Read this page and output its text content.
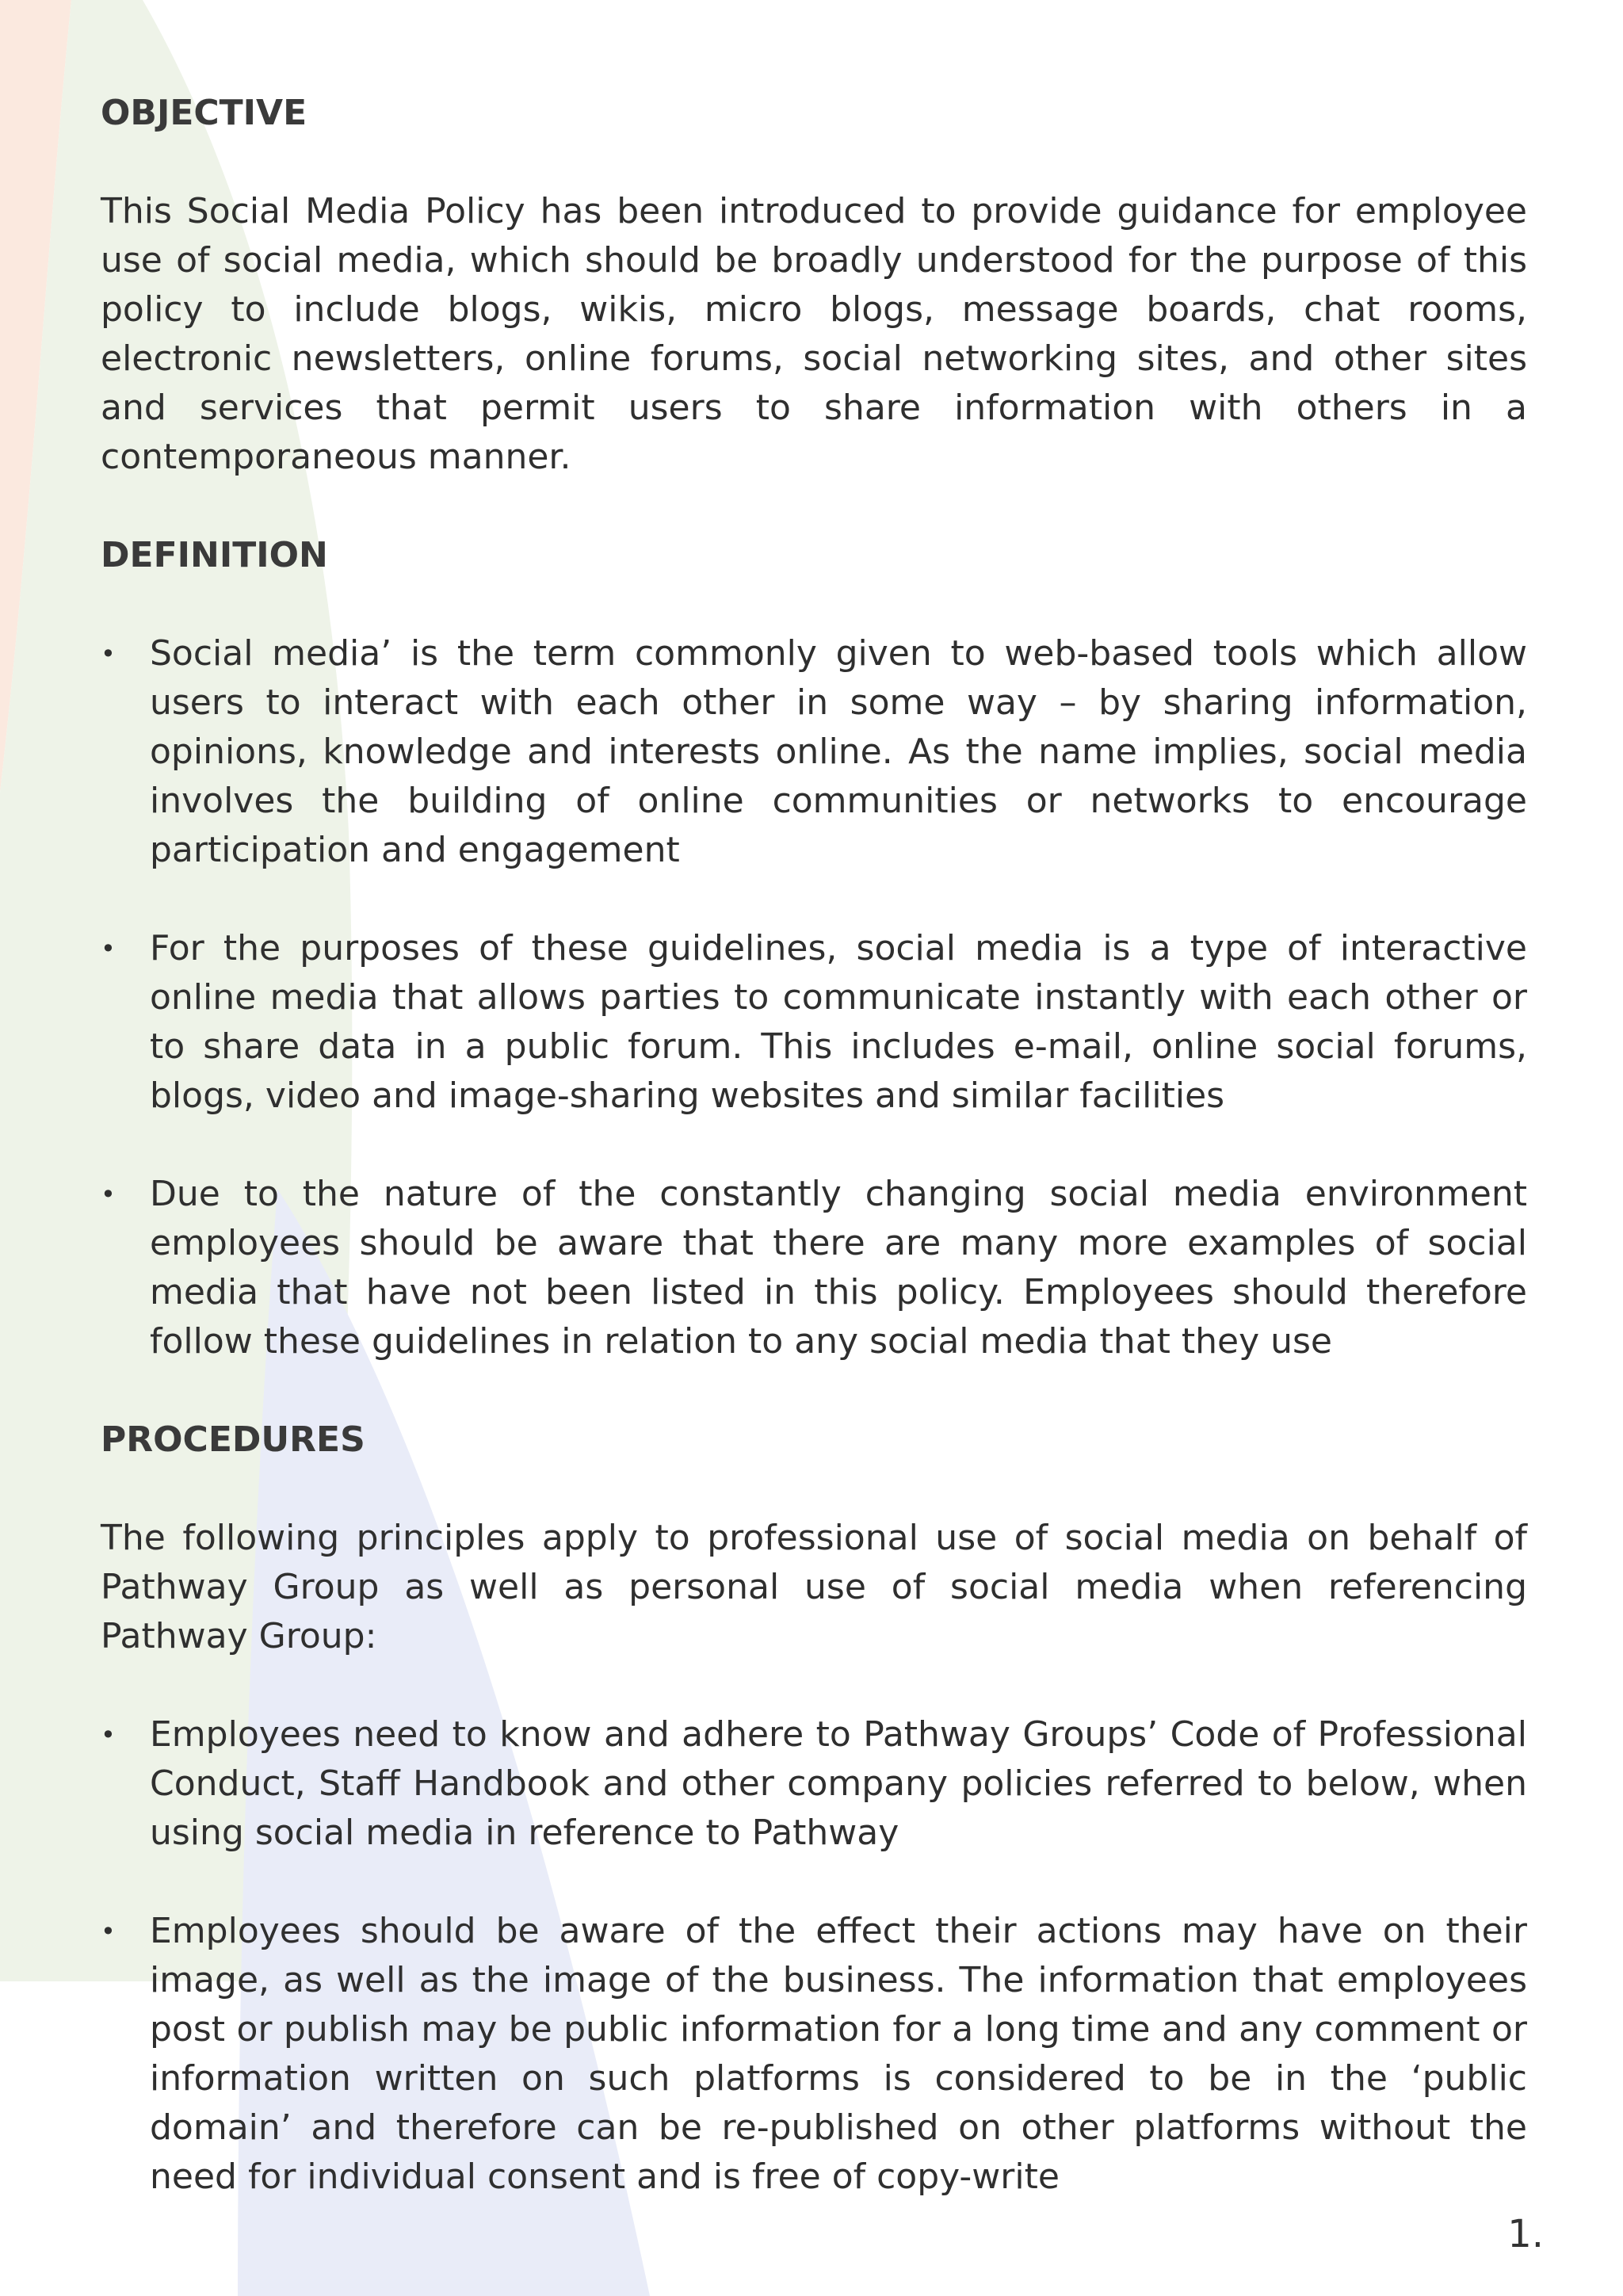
OBJECTIVE

This Social Media Policy has been introduced to provide guidance for employee use of social media, which should be broadly understood for the purpose of this policy to include blogs, wikis, micro blogs, message boards, chat rooms, electronic newsletters, online forums, social networking sites, and other sites and services that permit users to share information with others in a contemporaneous manner.

DEFINITION
• Social media’ is the term commonly given to web-based tools which allow users to interact with each other in some way – by sharing information, opinions, knowledge and interests online. As the name implies, social media involves the building of online communities or networks to encourage participation and engagement
• For the purposes of these guidelines, social media is a type of interactive online media that allows parties to communicate instantly with each other or to share data in a public forum. This includes e-mail, online social forums, blogs, video and image-sharing websites and similar facilities
• Due to the nature of the constantly changing social media environment employees should be aware that there are many more examples of social media that have not been listed in this policy. Employees should therefore follow these guidelines in relation to any social media that they use
PROCEDURES

The following principles apply to professional use of social media on behalf of Pathway Group as well as personal use of social media when referencing Pathway Group:

• Employees need to know and adhere to Pathway Groups’ Code of Professional Conduct, Staff Handbook and other company policies referred to below, when using social media in reference to Pathway
• Employees should be aware of the effect their actions may have on their image, as well as the image of the business. The information that employees post or publish may be public information for a long time and any comment or information written on such platforms is considered to be in the ‘public domain’ and therefore can be re-published on other platforms without the need for individual consent and is free of copy-write
1.
